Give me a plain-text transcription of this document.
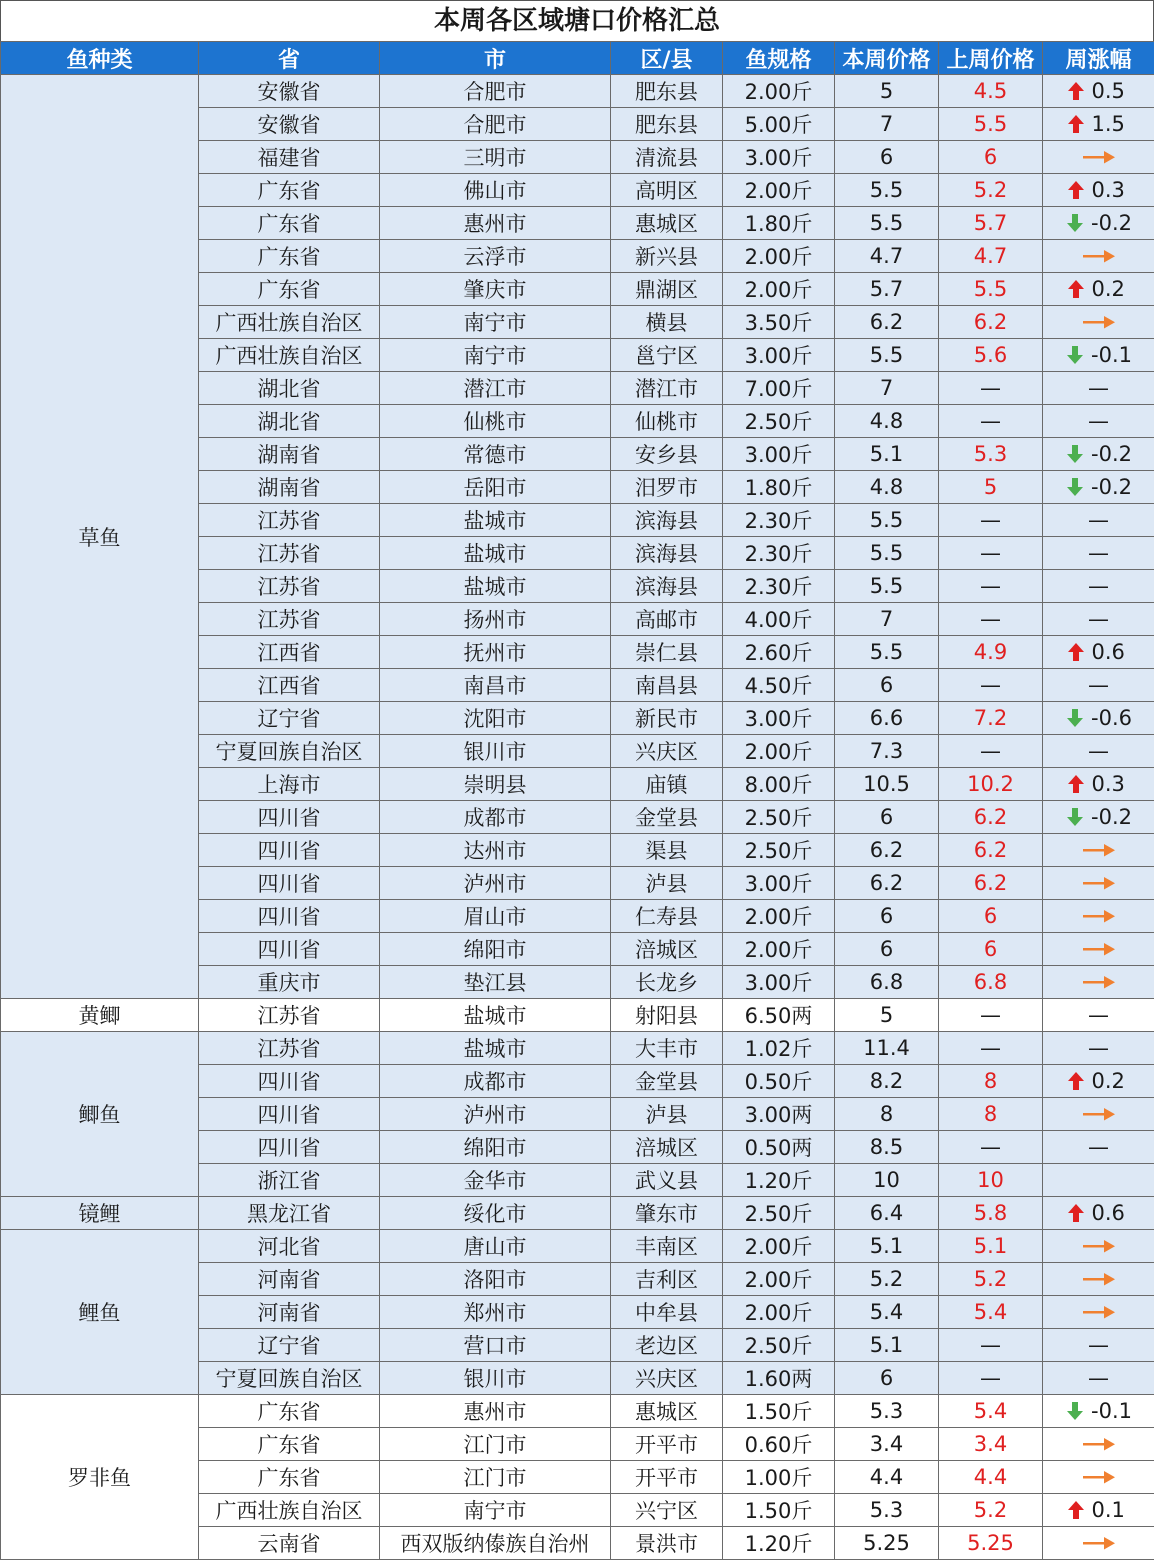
本周各区域塘口价格汇总
鱼种类	省	市	区/县	鱼规格	本周价格	上周价格	周涨幅
草鱼	安徽省	合肥市	肥东县	2.00斤	5	4.5	0.5

	安徽省	合肥市	肥东县	5.00斤	7	5.5	1.5

	福建省	三明市	清流县	3.00斤	6	6	

	广东省	佛山市	高明区	2.00斤	5.5	5.2	0.3

	广东省	惠州市	惠城区	1.80斤	5.5	5.7	-0.2

	广东省	云浮市	新兴县	2.00斤	4.7	4.7	

	广东省	肇庆市	鼎湖区	2.00斤	5.7	5.5	0.2

	广西壮族自治区	南宁市	横县	3.50斤	6.2	6.2	

	广西壮族自治区	南宁市	邕宁区	3.00斤	5.5	5.6	-0.1

	湖北省	潜江市	潜江市	7.00斤	7	—	—
	湖北省	仙桃市	仙桃市	2.50斤	4.8	—	—
	湖南省	常德市	安乡县	3.00斤	5.1	5.3	-0.2

	湖南省	岳阳市	汨罗市	1.80斤	4.8	5	-0.2

	江苏省	盐城市	滨海县	2.30斤	5.5	—	—
	江苏省	盐城市	滨海县	2.30斤	5.5	—	—
	江苏省	盐城市	滨海县	2.30斤	5.5	—	—
	江苏省	扬州市	高邮市	4.00斤	7	—	—
	江西省	抚州市	崇仁县	2.60斤	5.5	4.9	0.6

	江西省	南昌市	南昌县	4.50斤	6	—	—
	辽宁省	沈阳市	新民市	3.00斤	6.6	7.2	-0.6

	宁夏回族自治区	银川市	兴庆区	2.00斤	7.3	—	—
	上海市	崇明县	庙镇	8.00斤	10.5	10.2	0.3

	四川省	成都市	金堂县	2.50斤	6	6.2	-0.2

	四川省	达州市	渠县	2.50斤	6.2	6.2	

	四川省	泸州市	泸县	3.00斤	6.2	6.2	

	四川省	眉山市	仁寿县	2.00斤	6	6	

	四川省	绵阳市	涪城区	2.00斤	6	6	

	重庆市	垫江县	长龙乡	3.00斤	6.8	6.8	

黄鲫	江苏省	盐城市	射阳县	6.50两	5	—	—
鲫鱼	江苏省	盐城市	大丰市	1.02斤	11.4	—	—
	四川省	成都市	金堂县	0.50斤	8.2	8	0.2

	四川省	泸州市	泸县	3.00两	8	8	

	四川省	绵阳市	涪城区	0.50两	8.5	—	—
	浙江省	金华市	武义县	1.20斤	10	10	
镜鲤	黑龙江省	绥化市	肇东市	2.50斤	6.4	5.8	0.6

鲤鱼	河北省	唐山市	丰南区	2.00斤	5.1	5.1	

	河南省	洛阳市	吉利区	2.00斤	5.2	5.2	

	河南省	郑州市	中牟县	2.00斤	5.4	5.4	

	辽宁省	营口市	老边区	2.50斤	5.1	—	—
	宁夏回族自治区	银川市	兴庆区	1.60两	6	—	—
罗非鱼	广东省	惠州市	惠城区	1.50斤	5.3	5.4	-0.1

	广东省	江门市	开平市	0.60斤	3.4	3.4	

	广东省	江门市	开平市	1.00斤	4.4	4.4	

	广西壮族自治区	南宁市	兴宁区	1.50斤	5.3	5.2	0.1

	云南省	西双版纳傣族自治州	景洪市	1.20斤	5.25	5.25	
